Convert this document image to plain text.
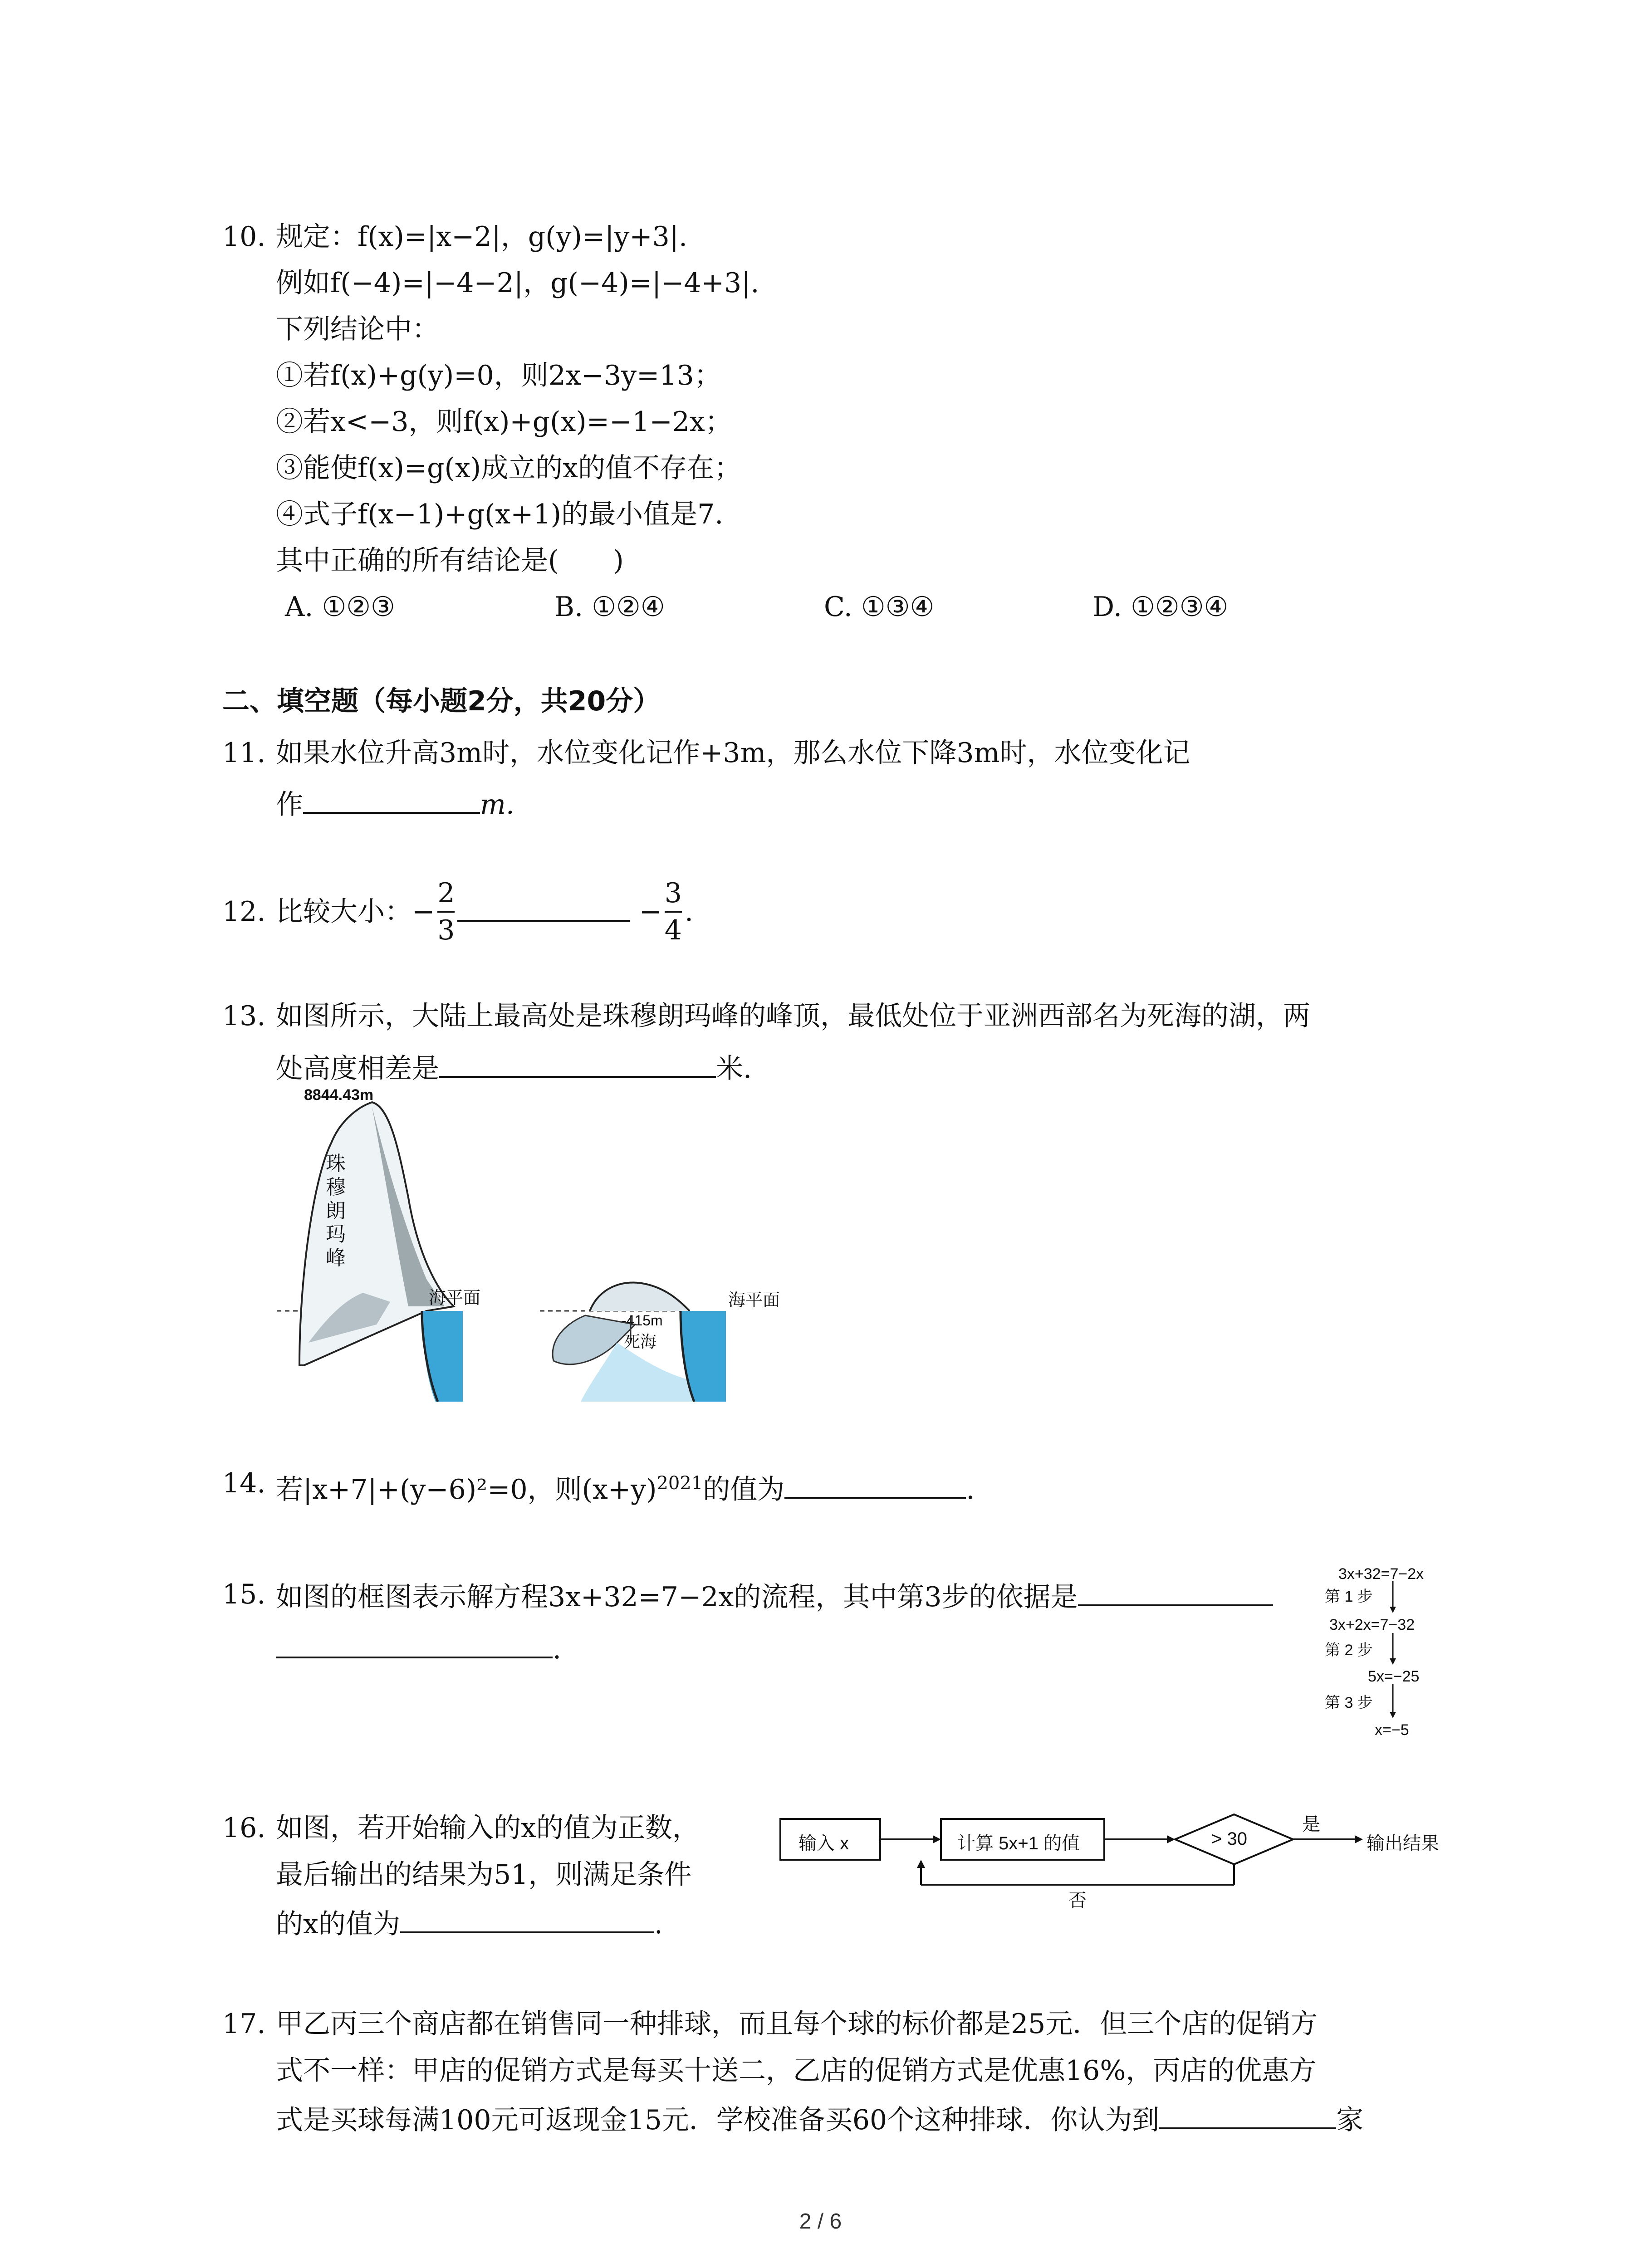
10. 规定：f(x)=|x−2|，g(y)=|y+3|.
例如f(−4)=|−4−2|，g(−4)=|−4+3|.
下列结论中：
①若f(x)+g(y)=0，则2x−3y=13；
②若x<−3，则f(x)+g(x)=−1−2x；
③能使f(x)=g(x)成立的x的值不存在；
④式子f(x−1)+g(x+1)的最小值是7.
其中正确的所有结论是(　　)
A. ①②③	B. ①②④	C. ①③④	D. ①②③④
二、填空题（每小题2分，共20分）
11. 如果水位升高3m时，水位变化记作+3m，那么水位下降3m时，水位变化记
作	m.
12. 比较大小：− $\frac{2}{3}$	− $\frac{3}{4}$ .
13. 如图所示，大陆上最高处是珠穆朗玛峰的峰顶，最低处位于亚洲西部名为死海的湖，两
处高度相差是	米.
8844.43m
珠
穆
朗
玛
峰
海平面	海平面
-415m
死海
14. 若|x+7|+(y−6)²=0，则$(x+y)^{2021}$的值为	.
15. 如图的框图表示解方程3x+32=7−2x的流程，其中第3步的依据是
.
3x+32=7−2x
第 1 步
3x+2x=7−32
第 2 步
5x=−25
第 3 步
x=−5
16. 如图，若开始输入的x的值为正数，
最后输出的结果为51，则满足条件
的x的值为	.
输入 x	计算 5x+1 的值	> 30
是
输出结果
否
17. 甲乙丙三个商店都在销售同一种排球，而且每个球的标价都是25元．但三个店的促销方
式不一样：甲店的促销方式是每买十送二，乙店的促销方式是优惠16%，丙店的优惠方
式是买球每满100元可返现金15元．学校准备买60个这种排球．你认为到	家
2 / 6
